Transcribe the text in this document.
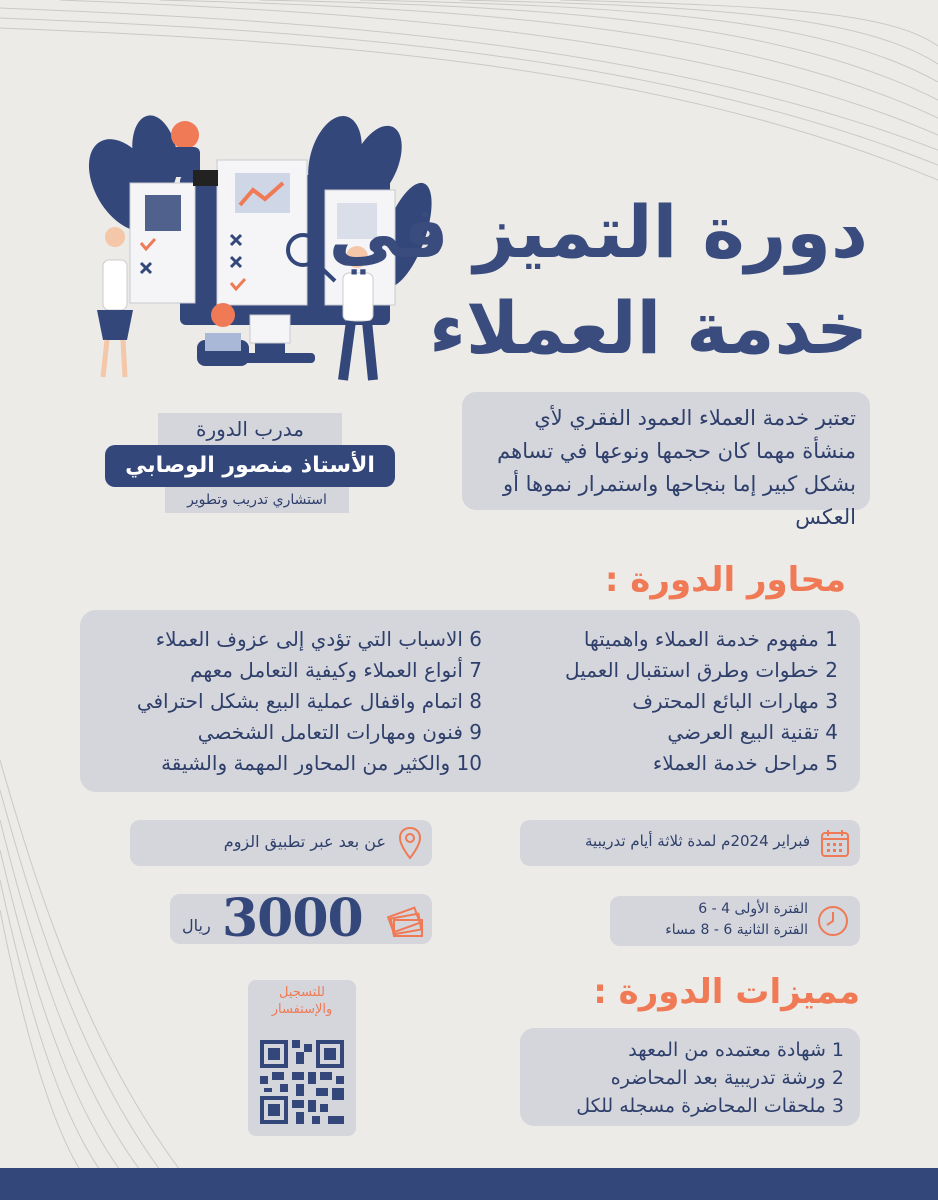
دورة التميز في
خدمة العملاء
تعتبر خدمة العملاء العمود الفقري لأي منشأة مهما كان حجمها ونوعها في تساهم بشكل كبير إما بنجاحها واستمرار نموها أو العكس
مدرب الدورة
الأستاذ منصور الوصابي
استشاري تدريب وتطوير
محاور الدورة :
1 مفهوم خدمة العملاء واهميتها
2 خطوات وطرق استقبال العميل
3 مهارات البائع المحترف
4 تقنية البيع العرضي
5 مراحل خدمة العملاء
6 الاسباب التي تؤدي إلى عزوف العملاء
7 أنواع العملاء وكيفية التعامل معهم
8 اتمام واقفال عملية البيع بشكل احترافي
9 فنون ومهارات التعامل الشخصي
10 والكثير من المحاور المهمة والشيقة
عن بعد عبر تطبيق الزوم	فبراير 2024م لمدة ثلاثة أيام تدريبية
3000
ريال
الفترة الأولى 4 - 6
الفترة الثانية 6 - 8 مساء
مميزات الدورة :
1 شهادة معتمده من المعهد
2 ورشة تدريبية بعد المحاضره
3 ملحقات المحاضرة مسجله للكل
للتسجيل والإستفسار
